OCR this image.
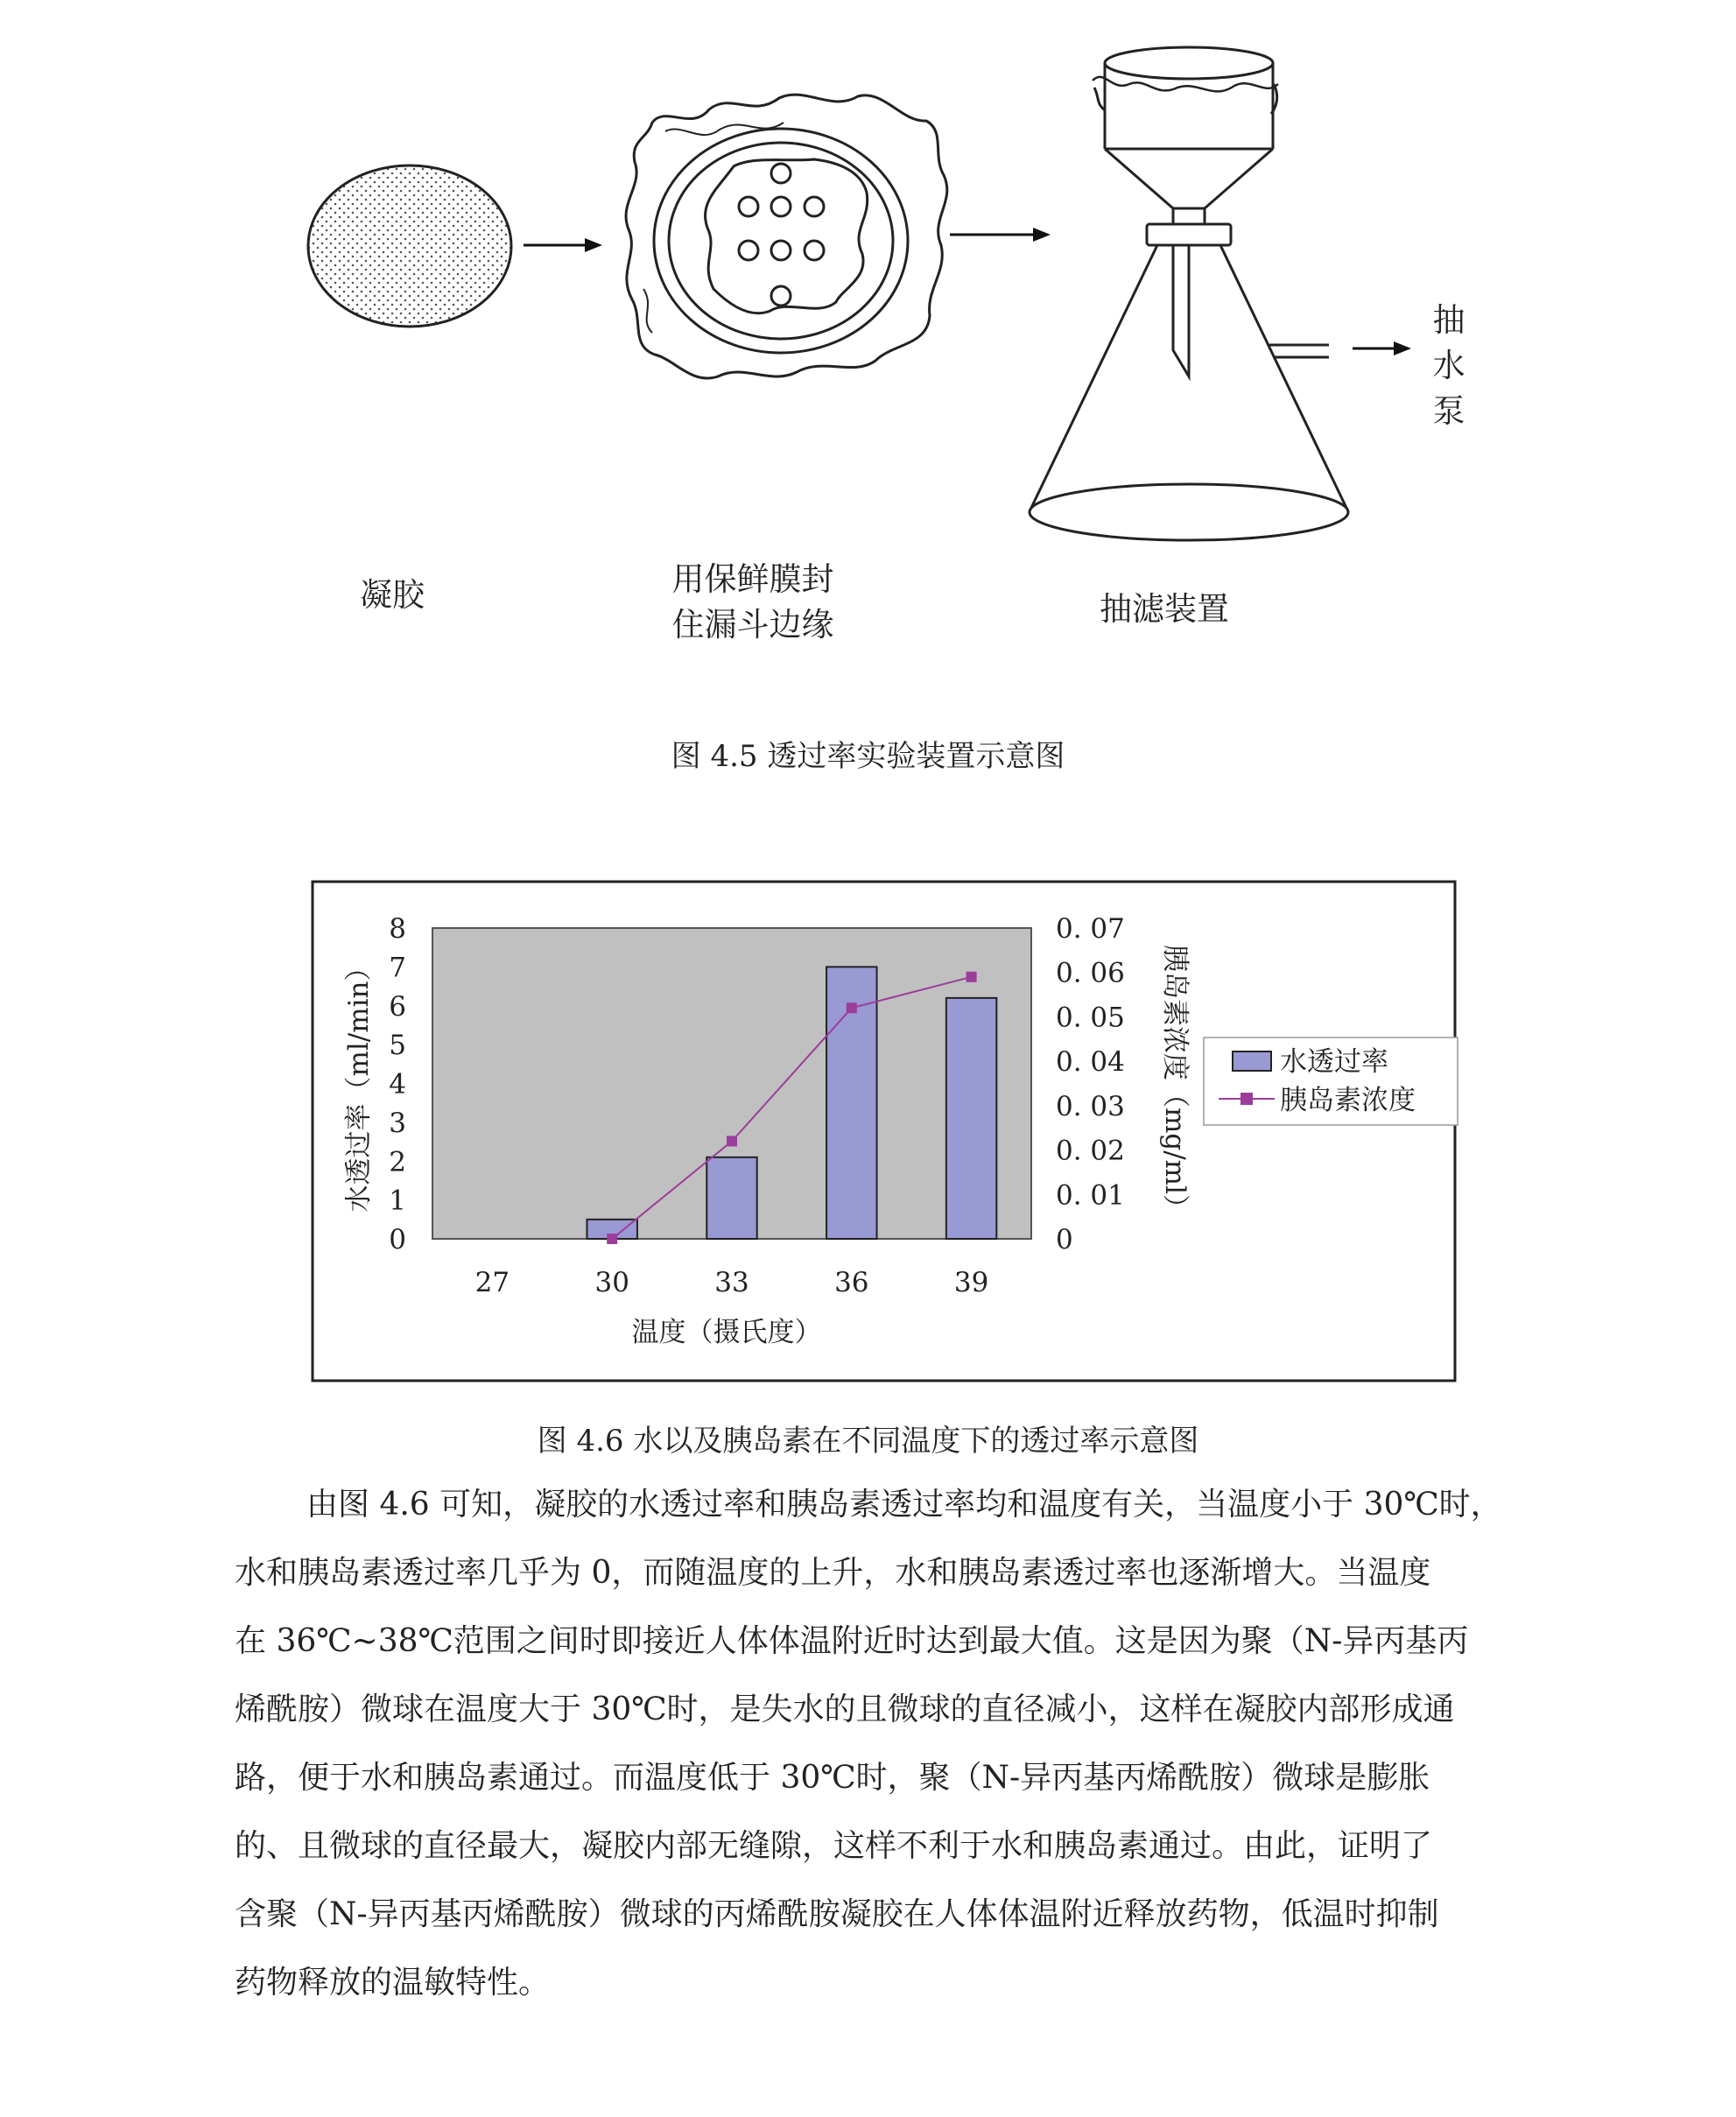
凝胶	用保鲜膜封
住漏斗边缘	抽滤装置
抽
水
泵
图 4.5 透过率实验装置示意图
0
1
2
3
4
5
6
7
8
0
0. 01
0. 02
0. 03
0. 04
0. 05
0. 06
0. 07
27	30	33	36	39
水透过率（ml/min）	胰岛素浓度（mg/ml）
温度（摄氏度）
水透过率
胰岛素浓度
图 4.6 水以及胰岛素在不同温度下的透过率示意图
由图 4.6 可知，凝胶的水透过率和胰岛素透过率均和温度有关，当温度小于 30℃时，
水和胰岛素透过率几乎为 0，而随温度的上升，水和胰岛素透过率也逐渐增大。当温度
在 36℃~38℃范围之间时即接近人体体温附近时达到最大值。这是因为聚（N-异丙基丙
烯酰胺）微球在温度大于 30℃时，是失水的且微球的直径减小，这样在凝胶内部形成通
路，便于水和胰岛素通过。而温度低于 30℃时，聚（N-异丙基丙烯酰胺）微球是膨胀
的、且微球的直径最大，凝胶内部无缝隙，这样不利于水和胰岛素通过。由此，证明了
含聚（N-异丙基丙烯酰胺）微球的丙烯酰胺凝胶在人体体温附近释放药物，低温时抑制
药物释放的温敏特性。
